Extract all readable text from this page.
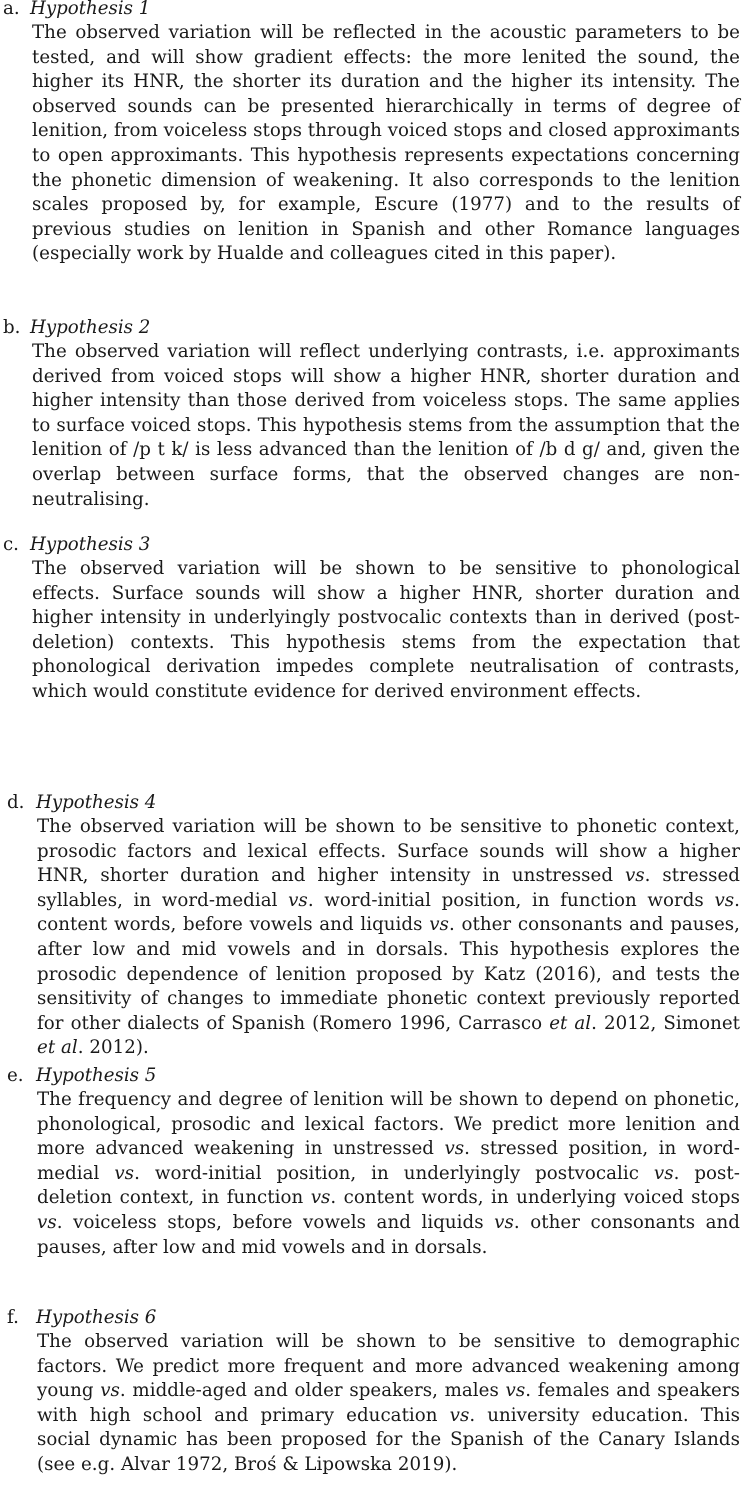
a. Hypothesis 1
The observed variation will be reflected in the acoustic parameters to be tested, and will show gradient effects: the more lenited the sound, the higher its HNR, the shorter its duration and the higher its intensity. The observed sounds can be presented hierarchically in terms of degree of lenition, from voiceless stops through voiced stops and closed approximants to open approximants. This hypothesis represents expectations concerning the phonetic dimension of weakening. It also corresponds to the lenition scales proposed by, for example, Escure (1977) and to the results of previous studies on lenition in Spanish and other Romance languages (especially work by Hualde and colleagues cited in this paper).
b. Hypothesis 2
The observed variation will reflect underlying contrasts, i.e. approximants derived from voiced stops will show a higher HNR, shorter duration and higher intensity than those derived from voiceless stops. The same applies to surface voiced stops. This hypothesis stems from the assumption that the lenition of /p t k/ is less advanced than the lenition of /b d g/ and, given the overlap between surface forms, that the observed changes are non-neutralising.
c. Hypothesis 3
The observed variation will be shown to be sensitive to phonological effects. Surface sounds will show a higher HNR, shorter duration and higher intensity in underlyingly postvocalic contexts than in derived (post-deletion) contexts. This hypothesis stems from the expectation that phonological derivation impedes complete neutralisation of contrasts, which would constitute evidence for derived environment effects.
d. Hypothesis 4
The observed variation will be shown to be sensitive to phonetic context, prosodic factors and lexical effects. Surface sounds will show a higher HNR, shorter duration and higher intensity in unstressed vs. stressed syllables, in word-medial vs. word-initial position, in function words vs. content words, before vowels and liquids vs. other consonants and pauses, after low and mid vowels and in dorsals. This hypothesis explores the prosodic dependence of lenition proposed by Katz (2016), and tests the sensitivity of changes to immediate phonetic context previously reported for other dialects of Spanish (Romero 1996, Carrasco et al. 2012, Simonet et al. 2012).
e. Hypothesis 5
The frequency and degree of lenition will be shown to depend on phonetic, phonological, prosodic and lexical factors. We predict more lenition and more advanced weakening in unstressed vs. stressed position, in word-medial vs. word-initial position, in underlyingly postvocalic vs. post-deletion context, in function vs. content words, in underlying voiced stops vs. voiceless stops, before vowels and liquids vs. other consonants and pauses, after low and mid vowels and in dorsals.
f. Hypothesis 6
The observed variation will be shown to be sensitive to demographic factors. We predict more frequent and more advanced weakening among young vs. middle-aged and older speakers, males vs. females and speakers with high school and primary education vs. university education. This social dynamic has been proposed for the Spanish of the Canary Islands (see e.g. Alvar 1972, Broś & Lipowska 2019).
